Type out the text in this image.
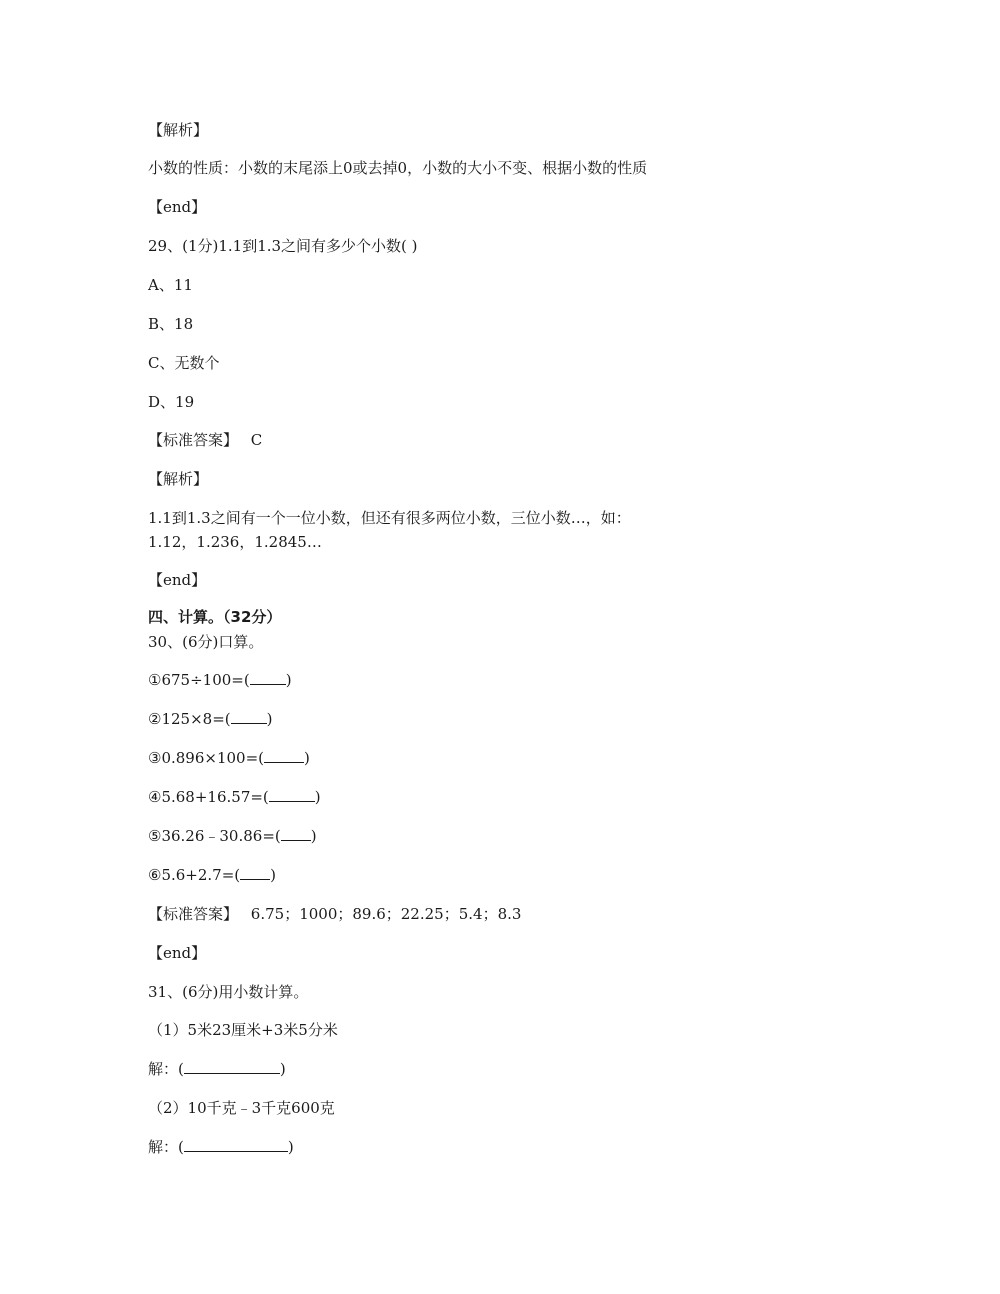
【解析】
小数的性质：小数的末尾添上0或去掉0，小数的大小不变、根据小数的性质
【end】
29、(1分)1.1到1.3之间有多少个小数( )
A、11
B、18
C、无数个
D、19
【标准答案】 C
【解析】
1.1到1.3之间有一个一位小数，但还有很多两位小数，三位小数…，如：
1.12，1.236，1.2845…
【end】
四、计算。（32分）
30、(6分)口算。
①675÷100=( )
②125×8=( )
③0.896×100=(	)
④5.68+16.57=(	)
⑤36.26﹣30.86=( )
⑥5.6+2.7=( )
【标准答案】 6.75；1000；89.6；22.25；5.4；8.3
【end】
31、(6分)用小数计算。
（1）5米23厘米+3米5分米
解：(	)
（2）10千克﹣3千克600克
解：(	)
